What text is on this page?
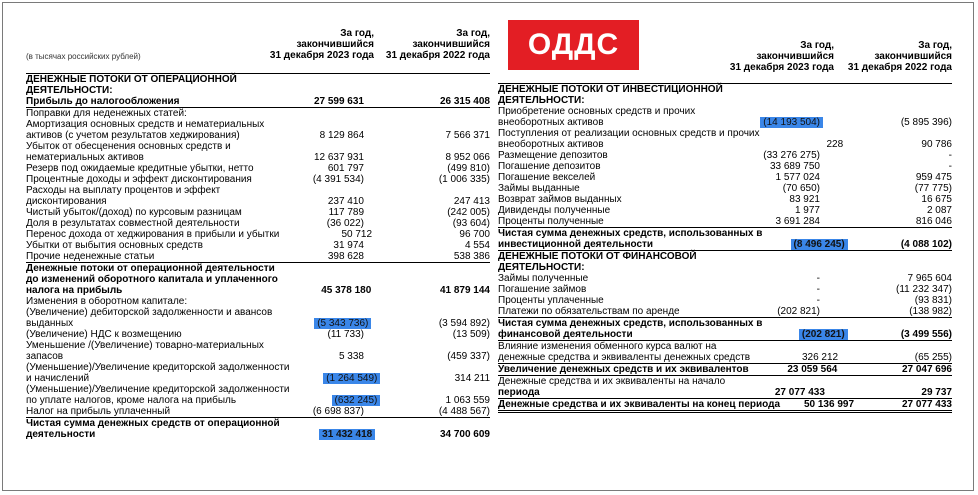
ОДДС
(в тысячах российских рублей)
За год,
закончившийся
31 декабря 2023 года
За год,
закончившийся
31 декабря 2022 года
ДЕНЕЖНЫЕ ПОТОКИ ОТ ОПЕРАЦИОННОЙ
ДЕЯТЕЛЬНОСТИ:
Прибыль до налогообложения	27 599 631	26 315 408
Поправки для неденежных статей:
Амортизация основных средств и нематериальных
активов (с учетом результатов хеджирования)	8 129 864	7 566 371
Убыток от обесценения основных средств и
нематериальных активов	12 637 931	8 952 066
Резерв под ожидаемые кредитные убытки, нетто	601 797	(499 810)
Процентные доходы и эффект дисконтирования	(4 391 534)	(1 006 335)
Расходы на выплату процентов и эффект
дисконтирования	237 410	247 413
Чистый убыток/(доход) по курсовым разницам	117 789	(242 005)
Доля в результатах совместной деятельности	(36 022)	(93 604)
Перенос дохода от хеджирования в прибыли и убытки	50 712	96 700
Убытки от выбытия основных средств	31 974	4 554
Прочие неденежные статьи	398 628	538 386
Денежные потоки от операционной деятельности
до изменений оборотного капитала и уплаченного
налога на прибыль	45 378 180	41 879 144
Изменения в оборотном капитале:
(Увеличение) дебиторской задолженности и авансов
выданных	(5 343 736)	(3 594 892)
(Увеличение) НДС к возмещению	(11 733)	(13 509)
Уменьшение /(Увеличение) товарно-материальных
запасов	5 338	(459 337)
(Уменьшение)/Увеличение кредиторской задолженности
и начислений	(1 264 549)	314 211
(Уменьшение)/Увеличение кредиторской задолженности
по уплате налогов, кроме налога на прибыль	(632 245)	1 063 559
Налог на прибыль уплаченный	(6 698 837)	(4 488 567)
Чистая сумма денежных средств от операционной
деятельности	31 432 418	34 700 609
За год,
закончившийся
31 декабря 2023 года
За год,
закончившийся
31 декабря 2022 года
ДЕНЕЖНЫЕ ПОТОКИ ОТ ИНВЕСТИЦИОННОЙ
ДЕЯТЕЛЬНОСТИ:
Приобретение основных средств и прочих
внеоборотных активов	(14 193 504)	(5 895 396)
Поступления от реализации основных средств и прочих
внеоборотных активов	228	90 786
Размещение депозитов	(33 276 275)	-
Погашение депозитов	33 689 750	-
Погашение векселей	1 577 024	959 475
Займы выданные	(70 650)	(77 775)
Возврат займов выданных	83 921	16 675
Дивиденды полученные	1 977	2 087
Проценты полученные	3 691 284	816 046
Чистая сумма денежных средств, использованных в
инвестиционной деятельности	(8 496 245)	(4 088 102)
ДЕНЕЖНЫЕ ПОТОКИ ОТ ФИНАНСОВОЙ
ДЕЯТЕЛЬНОСТИ:
Займы полученные	-	7 965 604
Погашение займов	-	(11 232 347)
Проценты уплаченные	-	(93 831)
Платежи по обязательствам по аренде	(202 821)	(138 982)
Чистая сумма денежных средств, использованных в
финансовой деятельности	(202 821)	(3 499 556)
Влияние изменения обменного курса валют на
денежные средства и эквиваленты денежных средств	326 212	(65 255)
Увеличение денежных средств и их эквивалентов	23 059 564	27 047 696
Денежные средства и их эквиваленты на начало
периода	27 077 433	29 737
Денежные средства и их эквиваленты на конец периода	50 136 997	27 077 433
